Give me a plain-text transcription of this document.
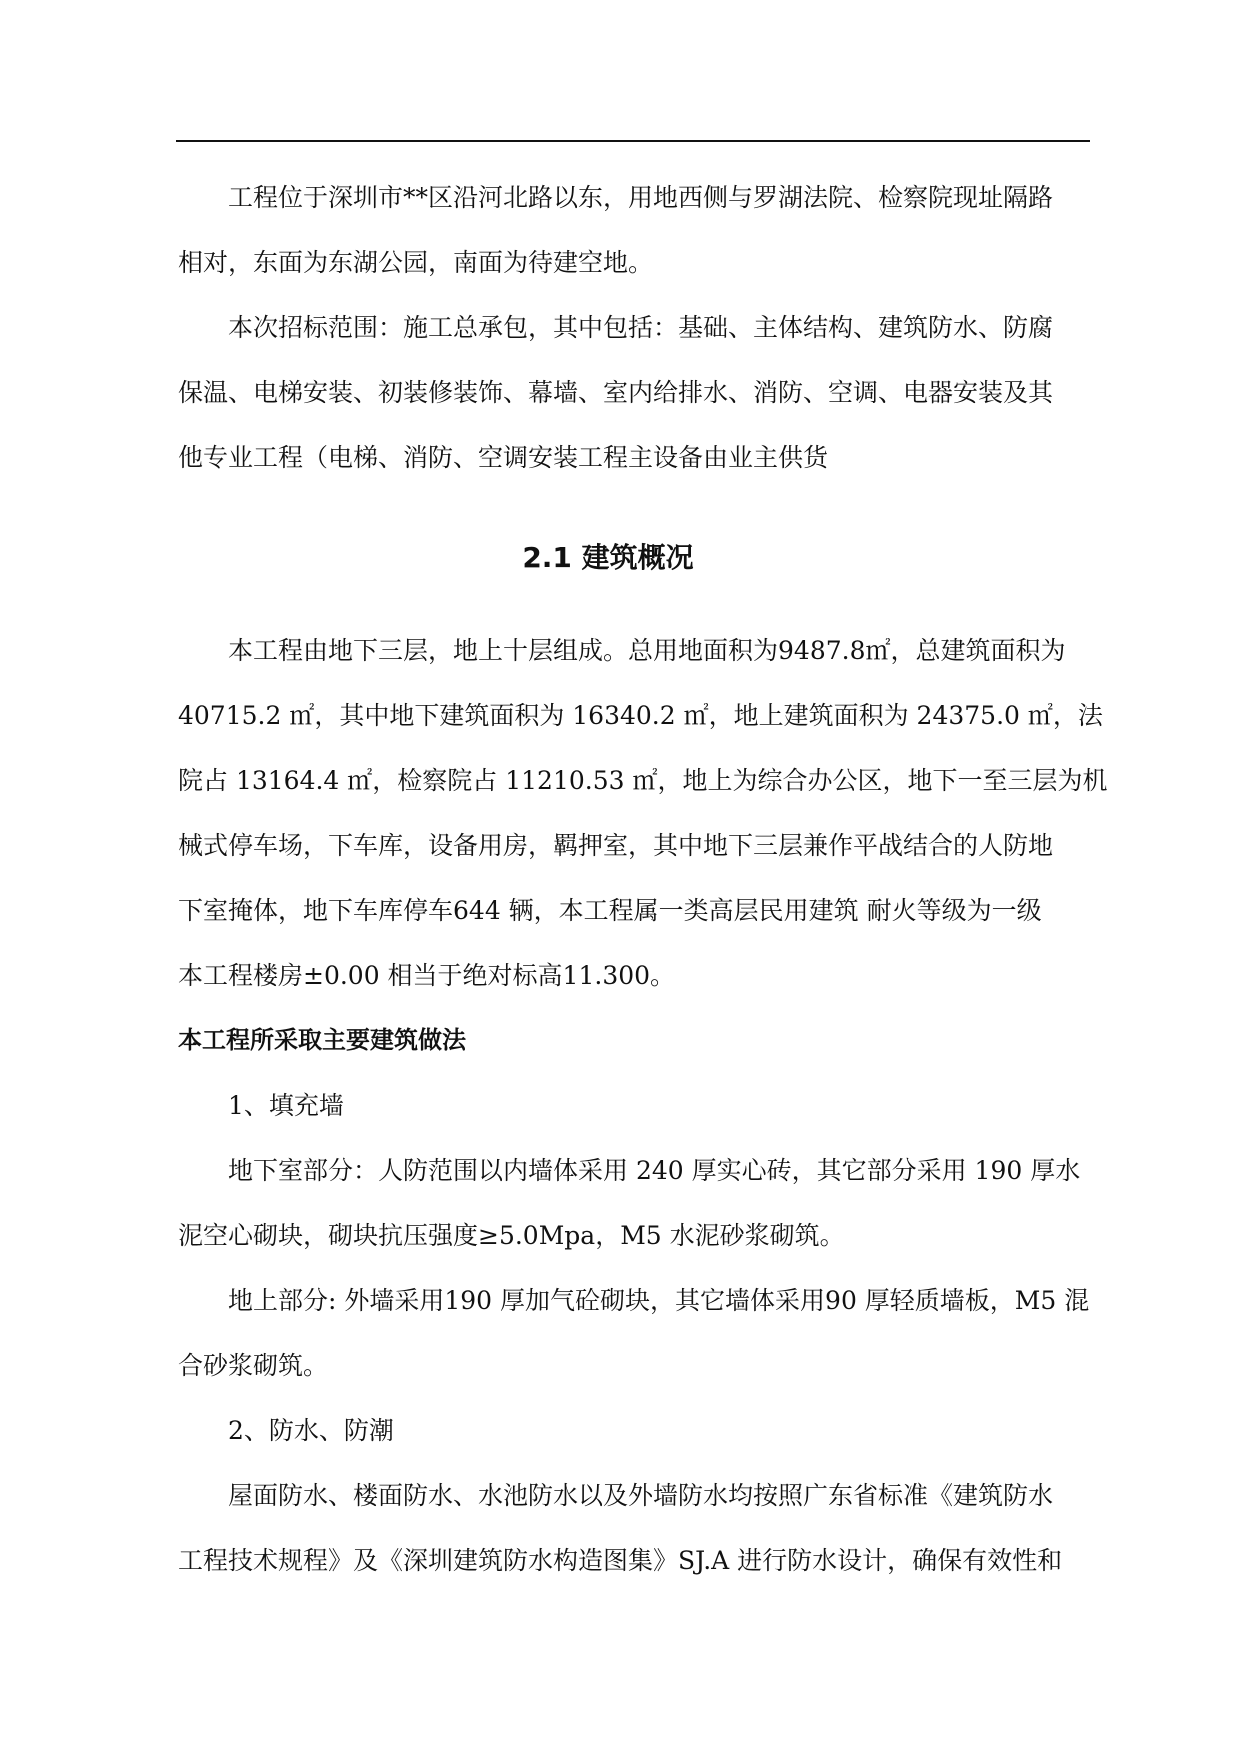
工程位于深圳市**区沿河北路以东，用地西侧与罗湖法院、检察院现址隔路

相对，东面为东湖公园，南面为待建空地。

本次招标范围：施工总承包，其中包括：基础、主体结构、建筑防水、防腐

保温、电梯安装、初装修装饰、幕墙、室内给排水、消防、空调、电器安装及其

他专业工程（电梯、消防、空调安装工程主设备由业主供货

2.1 建筑概况

本工程由地下三层，地上十层组成。总用地面积为9487.8㎡，总建筑面积为

40715.2 ㎡，其中地下建筑面积为 16340.2 ㎡，地上建筑面积为 24375.0 ㎡，法

院占 13164.4 ㎡，检察院占 11210.53 ㎡，地上为综合办公区，地下一至三层为机

械式停车场，下车库，设备用房，羁押室，其中地下三层兼作平战结合的人防地

下室掩体，地下车库停车644 辆，本工程属一类高层民用建筑 耐火等级为一级

本工程楼房±0.00 相当于绝对标高11.300。

本工程所采取主要建筑做法

1、填充墙

地下室部分：人防范围以内墙体采用 240 厚实心砖，其它部分采用 190 厚水

泥空心砌块，砌块抗压强度≥5.0Mpa，M5 水泥砂浆砌筑。

地上部分: 外墙采用190 厚加气砼砌块，其它墙体采用90 厚轻质墙板，M5 混

合砂浆砌筑。

2、防水、防潮

屋面防水、楼面防水、水池防水以及外墙防水均按照广东省标准《建筑防水

工程技术规程》及《深圳建筑防水构造图集》SJ.A 进行防水设计，确保有效性和
